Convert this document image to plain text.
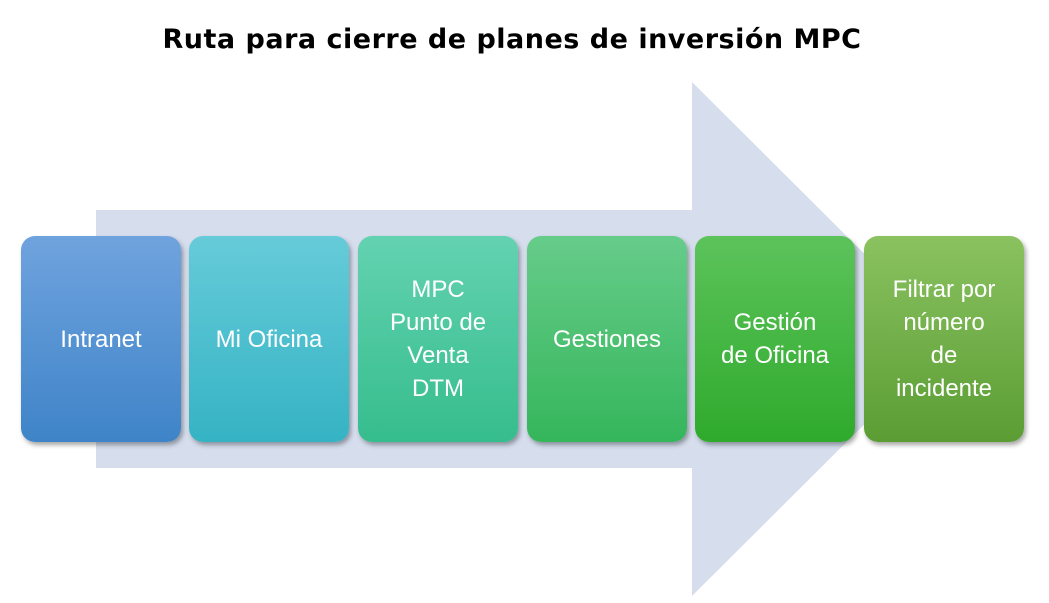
Ruta para cierre de planes de inversión MPC
Intranet	Mi Oficina
MPC
Punto de
Venta
DTM
Gestiones
Gestión
de Oficina
Filtrar por
número
de
incidente
